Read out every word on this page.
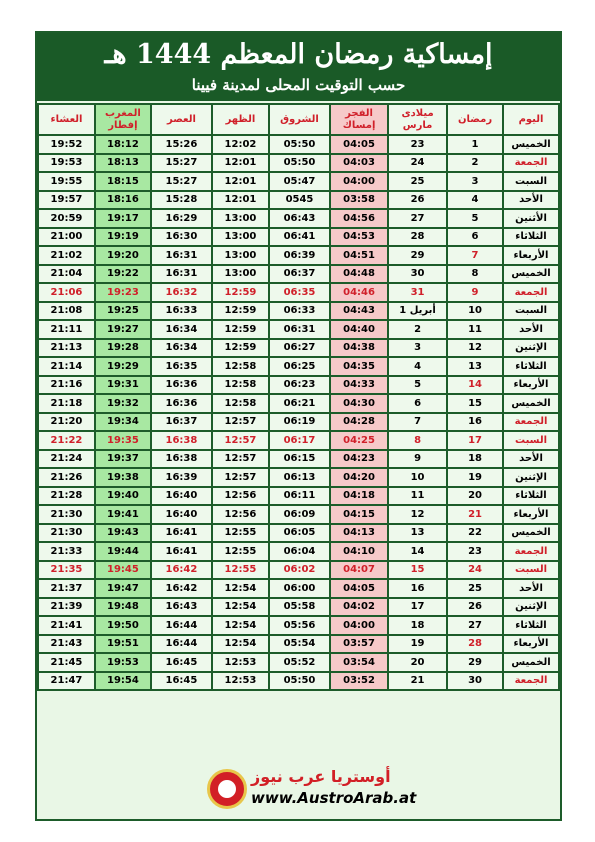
إمساكية رمضان المعظم 1444 هـ
حسب التوقيت المحلى لمدينة فيينا
العشاء	المغرب إفطار	العصر	الظهر	الشروق	الفجر إمساك	ميلادى مارس	رمضان	اليوم
19:52	18:12	15:26	12:02	05:50	04:05	23	1	الخميس
19:53	18:13	15:27	12:01	05:50	04:03	24	2	الجمعة
19:55	18:15	15:27	12:01	05:47	04:00	25	3	السبت
19:57	18:16	15:28	12:01	0545	03:58	26	4	الأحد
20:59	19:17	16:29	13:00	06:43	04:56	27	5	الأثنين
21:00	19:19	16:30	13:00	06:41	04:53	28	6	الثلاثاء
21:02	19:20	16:31	13:00	06:39	04:51	29	7	الأربعاء
21:04	19:22	16:31	13:00	06:37	04:48	30	8	الخميس
21:06	19:23	16:32	12:59	06:35	04:46	31	9	الجمعة
21:08	19:25	16:33	12:59	06:33	04:43	1 أبريل	10	السبت
21:11	19:27	16:34	12:59	06:31	04:40	2	11	الأحد
21:13	19:28	16:34	12:59	06:27	04:38	3	12	الإثنين
21:14	19:29	16:35	12:58	06:25	04:35	4	13	الثلاثاء
21:16	19:31	16:36	12:58	06:23	04:33	5	14	الأربعاء
21:18	19:32	16:36	12:58	06:21	04:30	6	15	الخميس
21:20	19:34	16:37	12:57	06:19	04:28	7	16	الجمعة
21:22	19:35	16:38	12:57	06:17	04:25	8	17	السبت
21:24	19:37	16:38	12:57	06:15	04:23	9	18	الأحد
21:26	19:38	16:39	12:57	06:13	04:20	10	19	الإثنين
21:28	19:40	16:40	12:56	06:11	04:18	11	20	الثلاثاء
21:30	19:41	16:40	12:56	06:09	04:15	12	21	الأربعاء
21:30	19:43	16:41	12:55	06:05	04:13	13	22	الخميس
21:33	19:44	16:41	12:55	06:04	04:10	14	23	الجمعة
21:35	19:45	16:42	12:55	06:02	04:07	15	24	السبت
21:37	19:47	16:42	12:54	06:00	04:05	16	25	الأحد
21:39	19:48	16:43	12:54	05:58	04:02	17	26	الإثنين
21:41	19:50	16:44	12:54	05:56	04:00	18	27	الثلاثاء
21:43	19:51	16:44	12:54	05:54	03:57	19	28	الأربعاء
21:45	19:53	16:45	12:53	05:52	03:54	20	29	الخميس
21:47	19:54	16:45	12:53	05:50	03:52	21	30	الجمعة
أوستريا عرب نيوز
www.AustroArab.at
